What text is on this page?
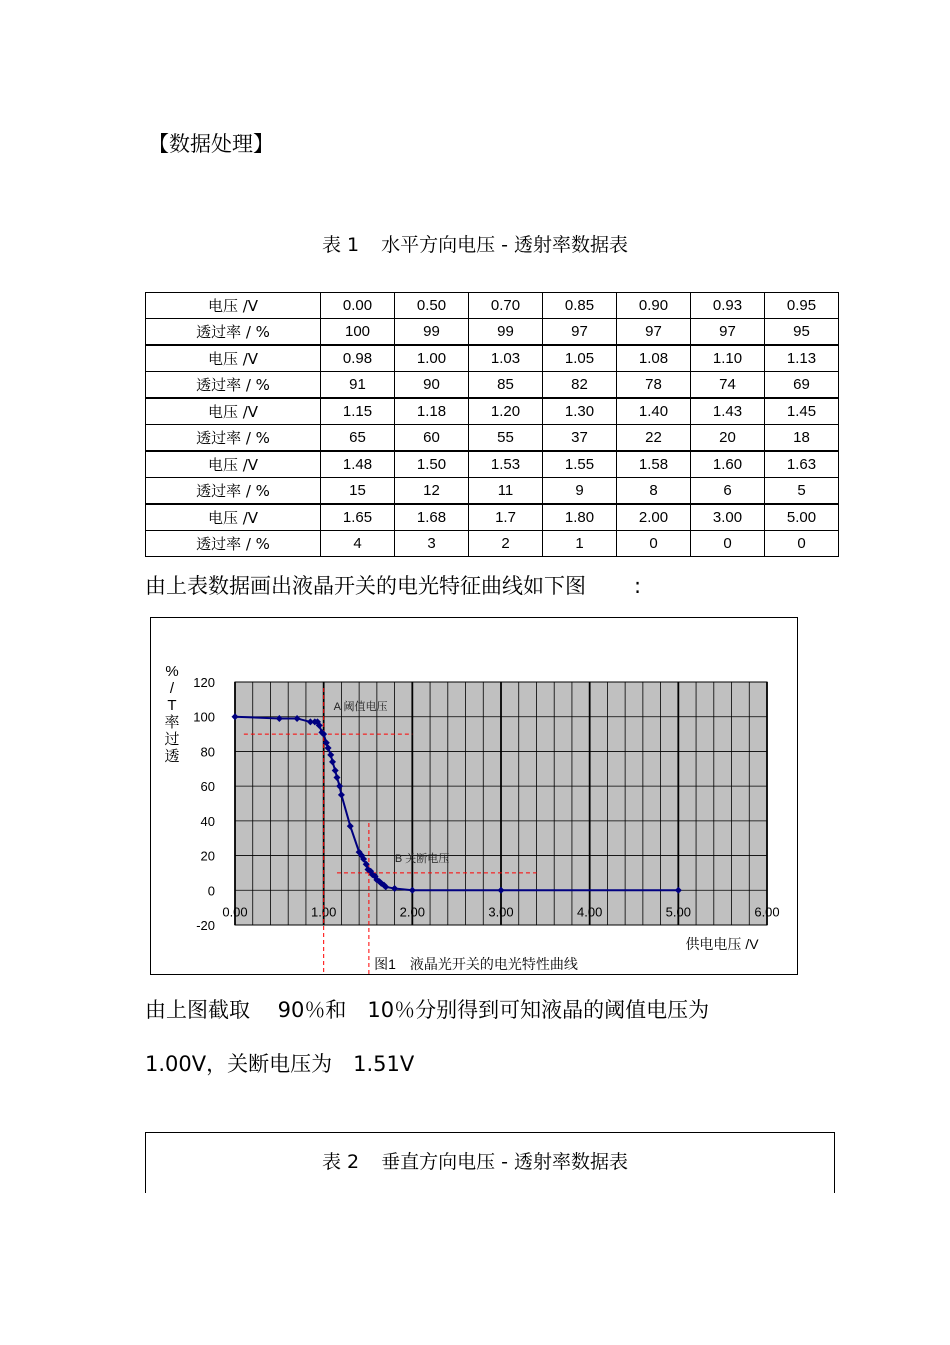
【数据处理】
表 1 水平方向电压 - 透射率数据表
电压 /V	0.00	0.50	0.70	0.85	0.90	0.93	0.95
透过率 / %	100	99	99	97	97	97	95
电压 /V	0.98	1.00	1.03	1.05	1.08	1.10	1.13
透过率 / %	91	90	85	82	78	74	69
电压 /V	1.15	1.18	1.20	1.30	1.40	1.43	1.45
透过率 / %	65	60	55	37	22	20	18
电压 /V	1.48	1.50	1.53	1.55	1.58	1.60	1.63
透过率 / %	15	12	11	9	8	6	5
电压 /V	1.65	1.68	1.7	1.80	2.00	3.00	5.00
透过率 / %	4	3	2	1	0	0	0
由上表数据画出液晶开关的电光特征曲线如下图 :
120
100
80
60
40
20
0
-20
0.00	1.00	2.00	3.00	4.00	5.00	6.00
%
/
T
率
过
透
供电电压 /V
图1　液晶光开关的电光特性曲线
A 阈值电压
B 关断电压
由上图截取　 90％和　10％分别得到可知液晶的阈值电压为
1.00V，关断电压为　1.51V
表 2 垂直方向电压 - 透射率数据表
